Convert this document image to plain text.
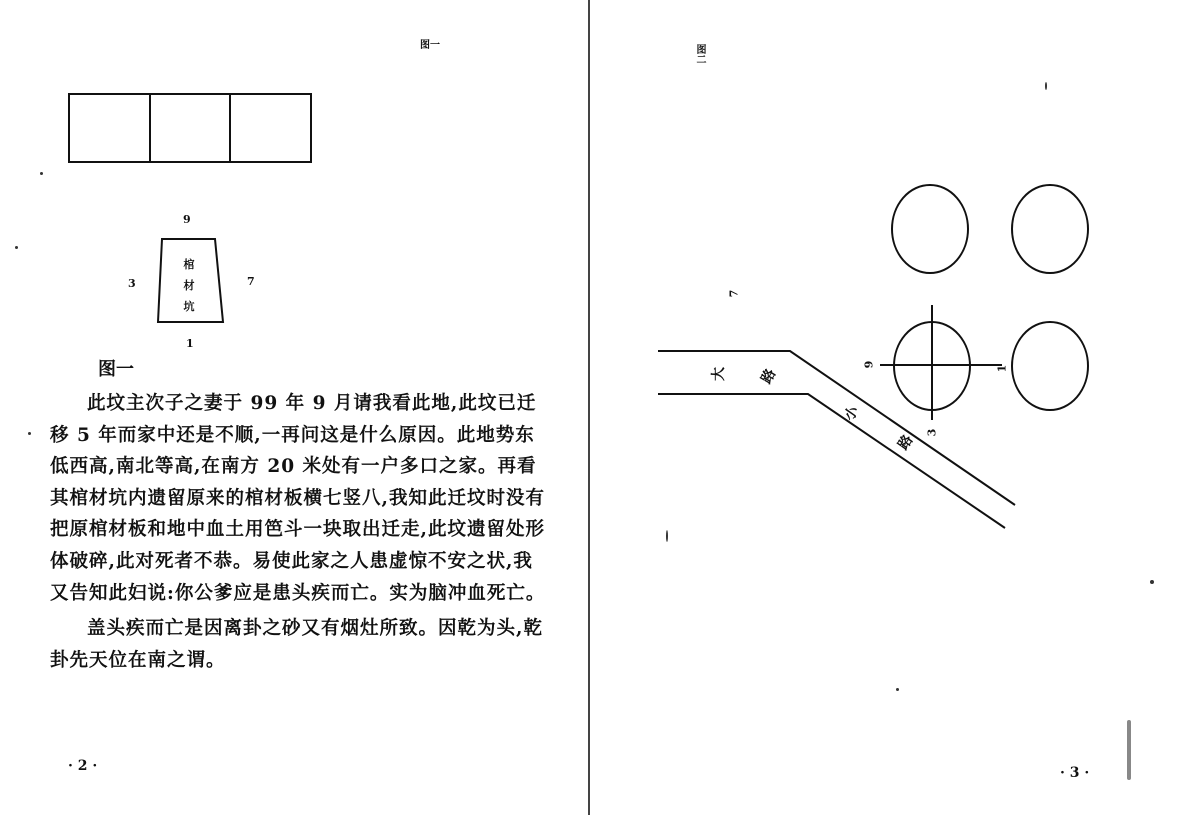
图一
9
3	7
1
棺
材
坑
图一

此坟主次子之妻于 99 年 9 月请我看此地,此坟已迁移 5 年而家中还是不顺,一再问这是什么原因。此地势东低西高,南北等高,在南方 20 米处有一户多口之家。再看其棺材坑内遗留原来的棺材板横七竖八,我知此迁坟时没有把原棺材板和地中血土用笆斗一块取出迁走,此坟遗留处形体破碎,此对死者不恭。易使此家之人患虚惊不安之状,我又告知此妇说:你公爹应是患头疾而亡。实为脑冲血死亡。

盖头疾而亡是因离卦之砂又有烟灶所致。因乾为头,乾卦先天位在南之谓。

· 2 ·
图二
7
9
1
3
大 路
小
路
· 3 ·
